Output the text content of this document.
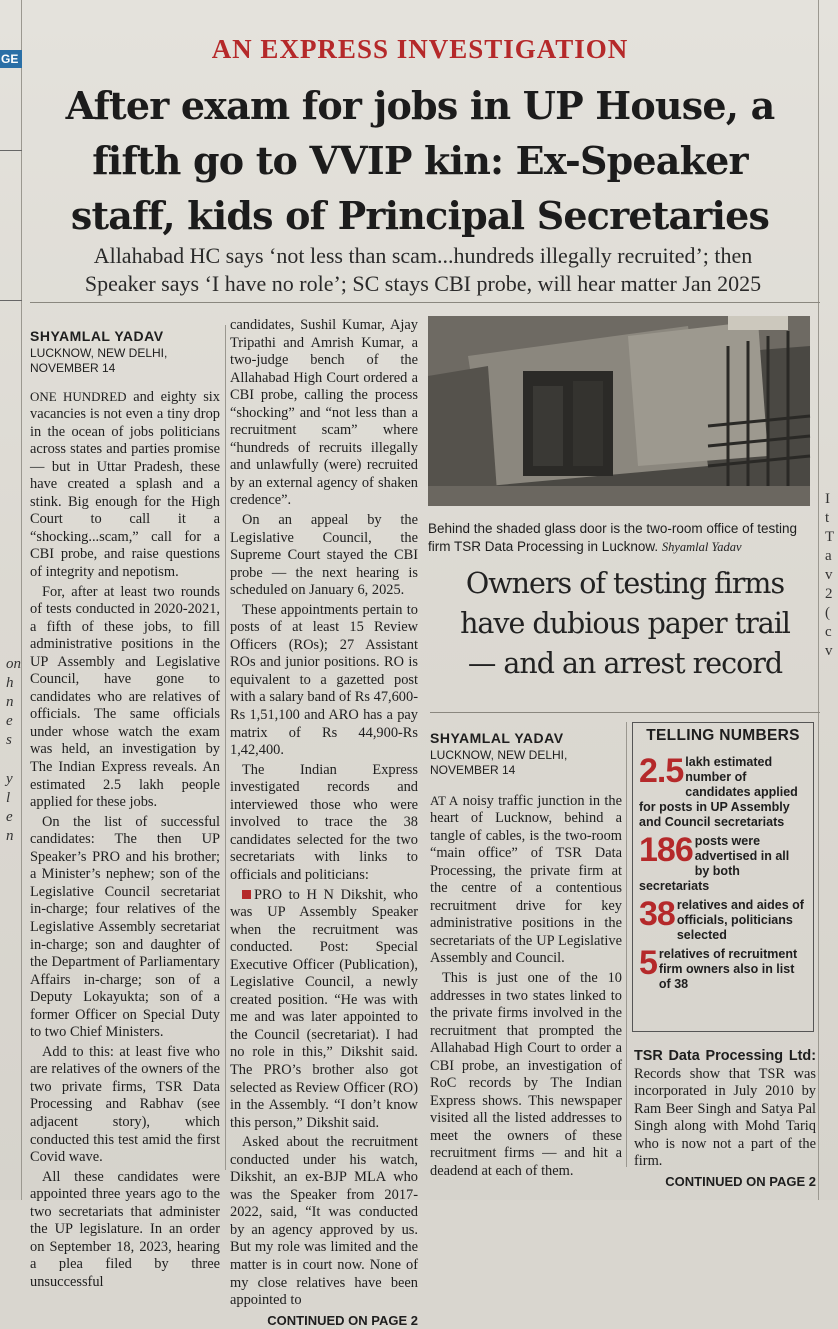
GE
on
h
n
e
s
y
l
e
n
I
t
T
a
v
2
(
c
v
AN EXPRESS INVESTIGATION
After exam for jobs in UP House, a
fifth go to VVIP kin: Ex-Speaker
staff, kids of Principal Secretaries
Allahabad HC says ‘not less than scam...hundreds illegally recruited’; then
Speaker says ‘I have no role’; SC stays CBI probe, will hear matter Jan 2025
SHYAMLAL YADAV
LUCKNOW, NEW DELHI,
NOVEMBER 14

ONE HUNDRED and eighty six vacancies is not even a tiny drop in the ocean of jobs politicians across states and parties promise — but in Uttar Pradesh, these have created a splash and a stink. Big enough for the High Court to call it a “shocking...scam,” call for a CBI probe, and raise questions of integrity and nepotism.

For, after at least two rounds of tests conducted in 2020-2021, a fifth of these jobs, to fill administrative positions in the UP Assembly and Legislative Council, have gone to candidates who are relatives of officials. The same officials under whose watch the exam was held, an investigation by The Indian Express reveals. An estimated 2.5 lakh people applied for these jobs.

On the list of successful candidates: The then UP Speaker’s PRO and his brother; a Minister’s nephew; son of the Legislative Council secretariat in-charge; four relatives of the Legislative Assembly secretariat in-charge; son and daughter of the Department of Parliamentary Affairs in-charge; son of a Deputy Lokayukta; son of a former Officer on Special Duty to two Chief Ministers.

Add to this: at least five who are relatives of the owners of the two private firms, TSR Data Processing and Rabhav (see adjacent story), which conducted this test amid the first Covid wave.

All these candidates were appointed three years ago to the two secretariats that administer the UP legislature. In an order on September 18, 2023, hearing a plea filed by three unsuccessful

candidates, Sushil Kumar, Ajay Tripathi and Amrish Kumar, a two-judge bench of the Allahabad High Court ordered a CBI probe, calling the process “shocking” and “not less than a recruitment scam” where “hundreds of recruits illegally and unlawfully (were) recruited by an external agency of shaken credence”.

On an appeal by the Legislative Council, the Supreme Court stayed the CBI probe — the next hearing is scheduled on January 6, 2025.

These appointments pertain to posts of at least 15 Review Officers (ROs); 27 Assistant ROs and junior positions. RO is equivalent to a gazetted post with a salary band of Rs 47,600-Rs 1,51,100 and ARO has a pay matrix of Rs 44,900-Rs 1,42,400.

The Indian Express investigated records and interviewed those who were involved to trace the 38 candidates selected for the two secretariats with links to officials and politicians:

PRO to H N Dikshit, who was UP Assembly Speaker when the recruitment was conducted. Post: Special Executive Officer (Publication), Legislative Council, a newly created position. “He was with me and was later appointed to the Council (secretariat). I had no role in this,” Dikshit said. The PRO’s brother also got selected as Review Officer (RO) in the Assembly. “I don’t know this person,” Dikshit said.

Asked about the recruitment conducted under his watch, Dikshit, an ex-BJP MLA who was the Speaker from 2017-2022, said, “It was conducted by an agency approved by us. But my role was limited and the matter is in court now. None of my close relatives have been appointed to

CONTINUED ON PAGE 2
Behind the shaded glass door is the two-room office of testing firm TSR Data Processing in Lucknow. Shyamlal Yadav
Owners of testing firms
have dubious paper trail
— and an arrest record
SHYAMLAL YADAV
LUCKNOW, NEW DELHI,
NOVEMBER 14

AT A noisy traffic junction in the heart of Lucknow, behind a tangle of cables, is the two-room “main office” of TSR Data Processing, the private firm at the centre of a contentious recruitment drive for key administrative positions in the secretariats of the UP Legislative Assembly and Council.

This is just one of the 10 addresses in two states linked to the private firms involved in the recruitment that prompted the Allahabad High Court to order a CBI probe, an investigation of RoC records by The Indian Express shows. This newspaper visited all the listed addresses to meet the owners of these recruitment firms — and hit a deadend at each of them.

TELLING NUMBERS
2.5 lakh estimated number of candidates applied for posts in UP Assembly and Council secretariats
186 posts were advertised in all by both secretariats
38 relatives and aides of officials, politicians selected
5 relatives of recruitment firm owners also in list of 38

TSR Data Processing Ltd: Records show that TSR was incorporated in July 2010 by Ram Beer Singh and Satya Pal Singh along with Mohd Tariq who is now not a part of the firm.

CONTINUED ON PAGE 2
